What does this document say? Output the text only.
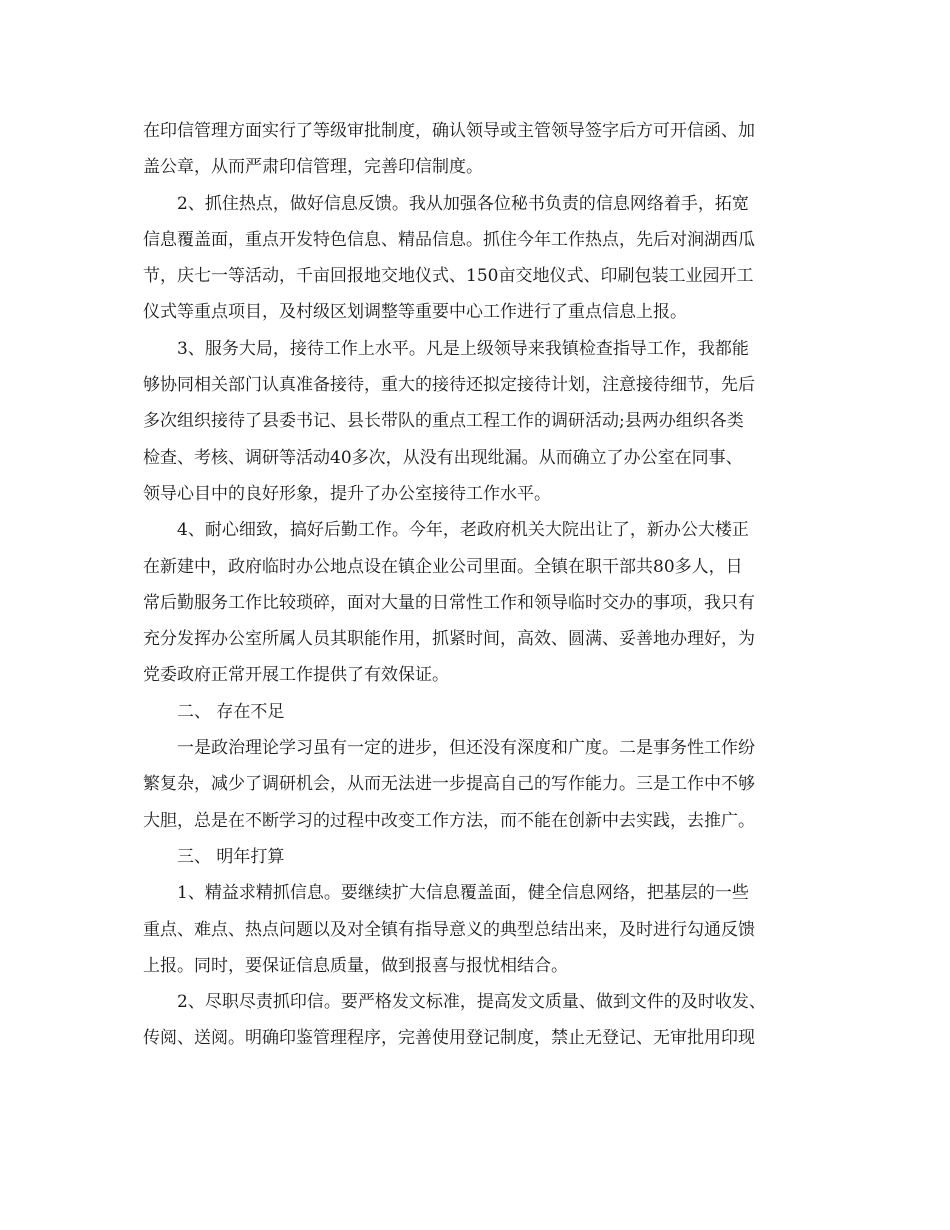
在印信管理方面实行了等级审批制度，确认领导或主管领导签字后方可开信函、加
盖公章，从而严肃印信管理，完善印信制度。
2、抓住热点，做好信息反馈。我从加强各位秘书负责的信息网络着手，拓宽
信息覆盖面，重点开发特色信息、精品信息。抓住今年工作热点，先后对涧湖西瓜
节，庆七一等活动，千亩回报地交地仪式、150亩交地仪式、印刷包装工业园开工
仪式等重点项目，及村级区划调整等重要中心工作进行了重点信息上报。
3、服务大局，接待工作上水平。凡是上级领导来我镇检查指导工作，我都能
够协同相关部门认真准备接待，重大的接待还拟定接待计划，注意接待细节，先后
多次组织接待了县委书记、县长带队的重点工程工作的调研活动;县两办组织各类
检查、考核、调研等活动40多次，从没有出现纰漏。从而确立了办公室在同事、
领导心目中的良好形象，提升了办公室接待工作水平。
4、耐心细致，搞好后勤工作。今年，老政府机关大院出让了，新办公大楼正
在新建中，政府临时办公地点设在镇企业公司里面。全镇在职干部共80多人，日
常后勤服务工作比较琐碎，面对大量的日常性工作和领导临时交办的事项，我只有
充分发挥办公室所属人员其职能作用，抓紧时间，高效、圆满、妥善地办理好，为
党委政府正常开展工作提供了有效保证。
二、 存在不足
一是政治理论学习虽有一定的进步，但还没有深度和广度。二是事务性工作纷
繁复杂，减少了调研机会，从而无法进一步提高自己的写作能力。三是工作中不够
大胆，总是在不断学习的过程中改变工作方法，而不能在创新中去实践，去推广。
三、 明年打算
1、精益求精抓信息。要继续扩大信息覆盖面，健全信息网络，把基层的一些
重点、难点、热点问题以及对全镇有指导意义的典型总结出来，及时进行勾通反馈
上报。同时，要保证信息质量，做到报喜与报忧相结合。
2、尽职尽责抓印信。要严格发文标准，提高发文质量、做到文件的及时收发、
传阅、送阅。明确印鉴管理程序，完善使用登记制度，禁止无登记、无审批用印现
